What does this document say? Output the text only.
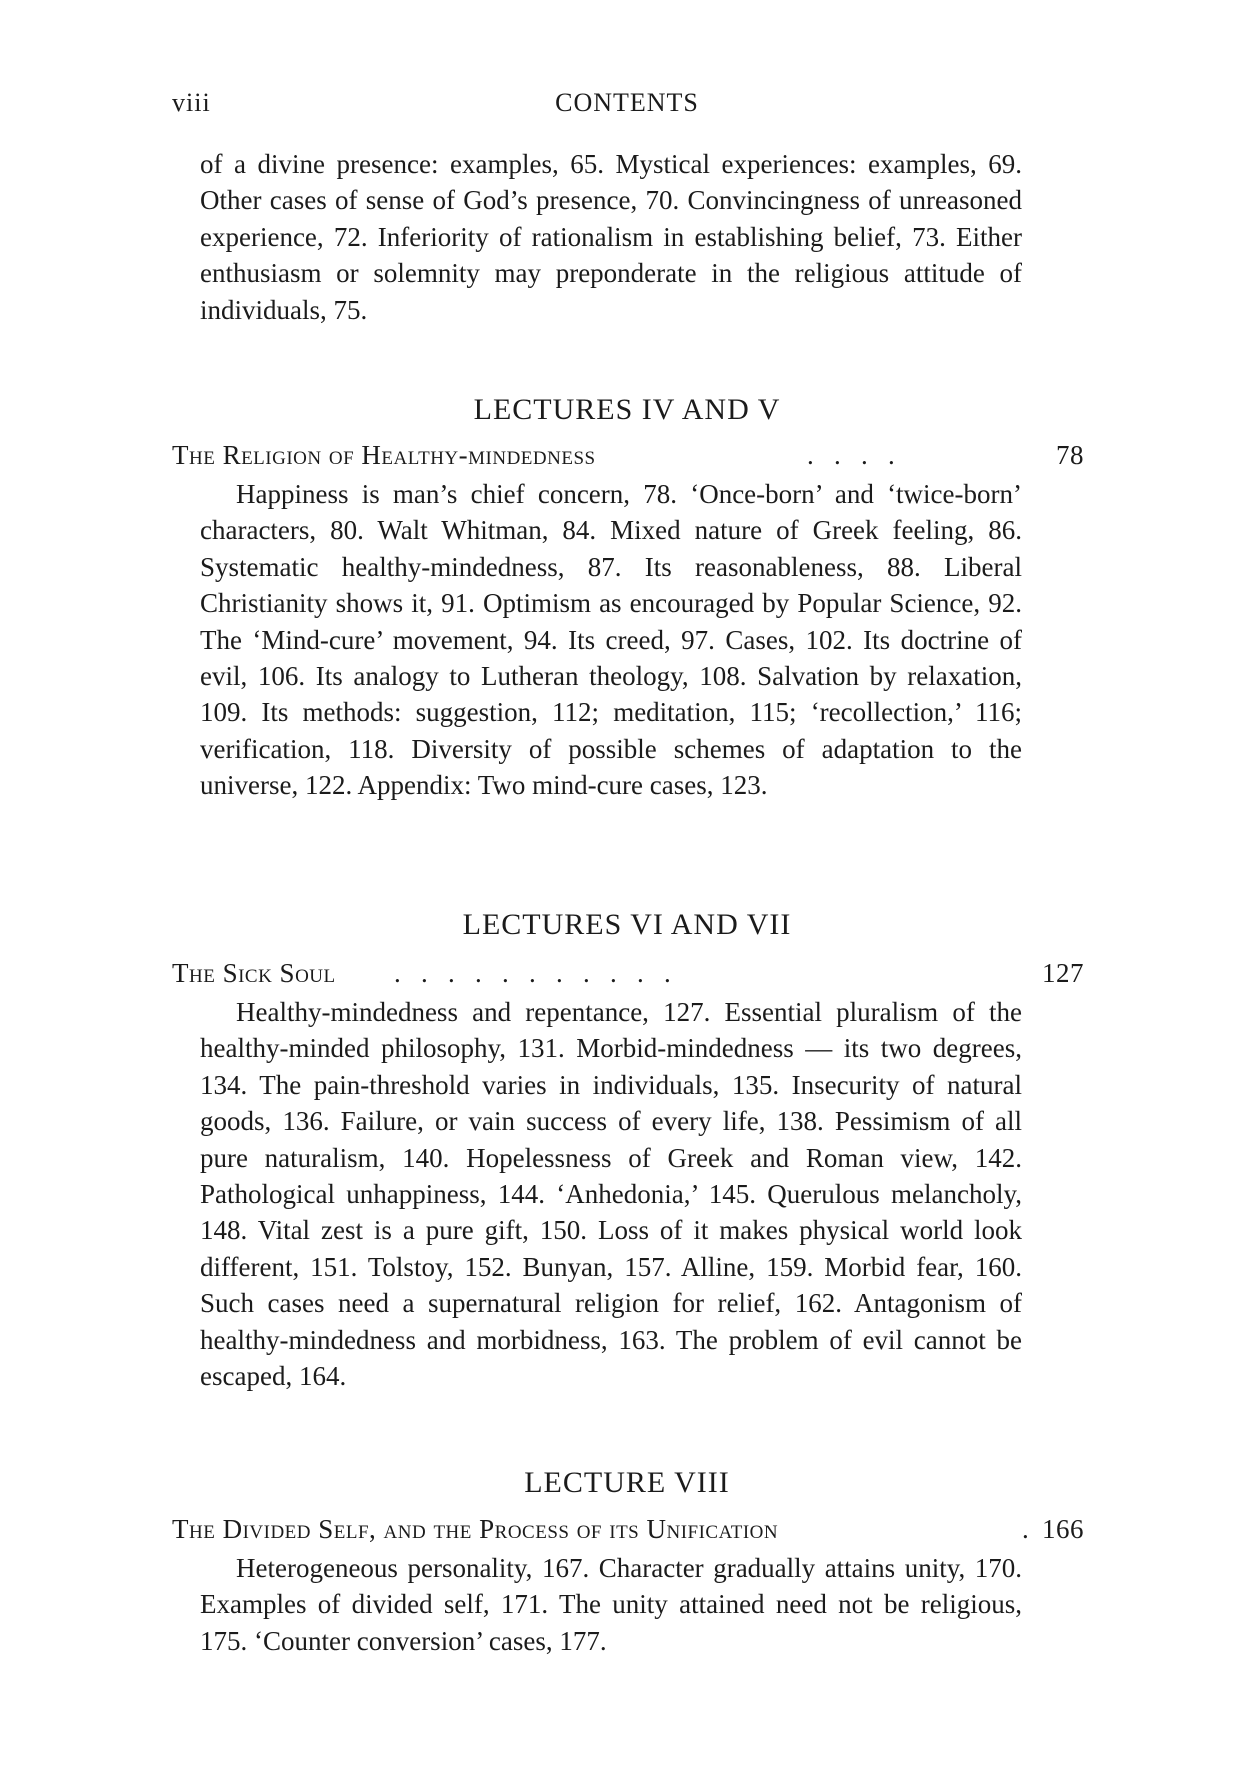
viii	CONTENTS

of a divine presence: examples, 65. Mystical experiences: examples, 69. Other cases of sense of God’s presence, 70. Convincingness of unreasoned experience, 72. Inferiority of rationalism in establishing belief, 73. Either enthusiasm or solemnity may preponderate in the religious attitude of individuals, 75.

LECTURES IV AND V
The Religion of Healthy-mindedness	.   .   .   .	78

Happiness is man’s chief concern, 78. ‘Once-born’ and ‘twice-born’ characters, 80. Walt Whitman, 84. Mixed nature of Greek feeling, 86. Systematic healthy-mindedness, 87. Its reasonableness, 88. Liberal Christianity shows it, 91. Optimism as encouraged by Popular Science, 92. The ‘Mind-cure’ movement, 94. Its creed, 97. Cases, 102. Its doctrine of evil, 106. Its analogy to Lutheran theology, 108. Salvation by relaxation, 109. Its methods: suggestion, 112; meditation, 115; ‘recollection,’ 116; verification, 118. Diversity of possible schemes of adaptation to the universe, 122. Appendix: Two mind-cure cases, 123.

LECTURES VI AND VII
The Sick Soul .   .   .   .   .   .   .   .   .   .   .	127

Healthy-mindedness and repentance, 127. Essential pluralism of the healthy-minded philosophy, 131. Morbid-mindedness — its two degrees, 134. The pain-threshold varies in individuals, 135. Insecurity of natural goods, 136. Failure, or vain success of every life, 138. Pessimism of all pure naturalism, 140. Hopelessness of Greek and Roman view, 142. Pathological unhappiness, 144. ‘Anhedonia,’ 145. Querulous melancholy, 148. Vital zest is a pure gift, 150. Loss of it makes physical world look different, 151. Tolstoy, 152. Bunyan, 157. Alline, 159. Morbid fear, 160. Such cases need a supernatural religion for relief, 162. Antagonism of healthy-mindedness and morbidness, 163. The problem of evil cannot be escaped, 164.

LECTURE VIII
The Divided Self, and the Process of its Unification	. 166

Heterogeneous personality, 167. Character gradually attains unity, 170. Examples of divided self, 171. The unity attained need not be religious, 175. ‘Counter conversion’ cases, 177.
